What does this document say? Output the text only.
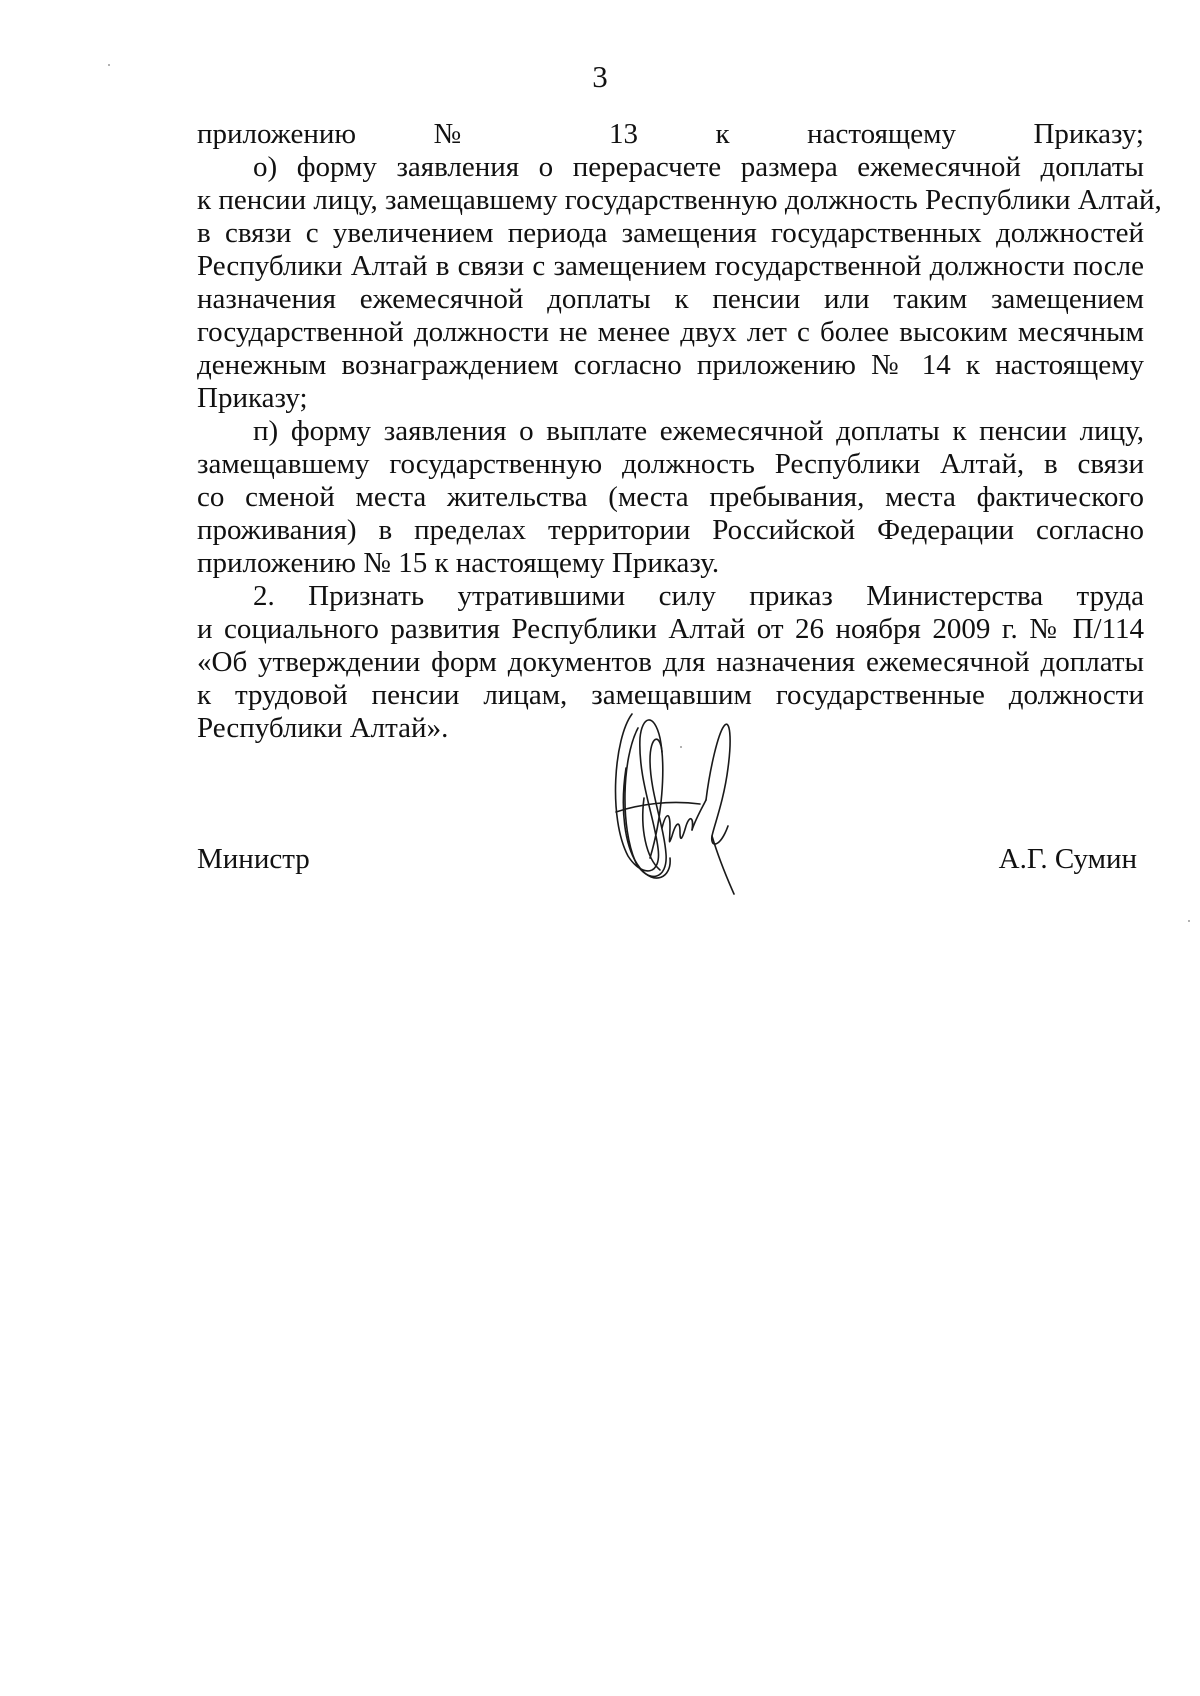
3
приложению № 13 к настоящему Приказу;
о) форму заявления о перерасчете размера ежемесячной доплаты
к пенсии лицу, замещавшему государственную должность Республики Алтай,
в связи с увеличением периода замещения государственных должностей
Республики Алтай в связи с замещением государственной должности после
назначения ежемесячной доплаты к пенсии или таким замещением
государственной должности не менее двух лет с более высоким месячным
денежным вознаграждением согласно приложению № 14 к настоящему
Приказу;
п) форму заявления о выплате ежемесячной доплаты к пенсии лицу,
замещавшему государственную должность Республики Алтай, в связи
со сменой места жительства (места пребывания, места фактического
проживания) в пределах территории Российской Федерации согласно
приложению № 15 к настоящему Приказу.
2. Признать утратившими силу приказ Министерства труда
и социального развития Республики Алтай от 26 ноября 2009 г. № П/114
«Об утверждении форм документов для назначения ежемесячной доплаты
к трудовой пенсии лицам, замещавшим государственные должности
Республики Алтай».
Министр	А.Г. Сумин
